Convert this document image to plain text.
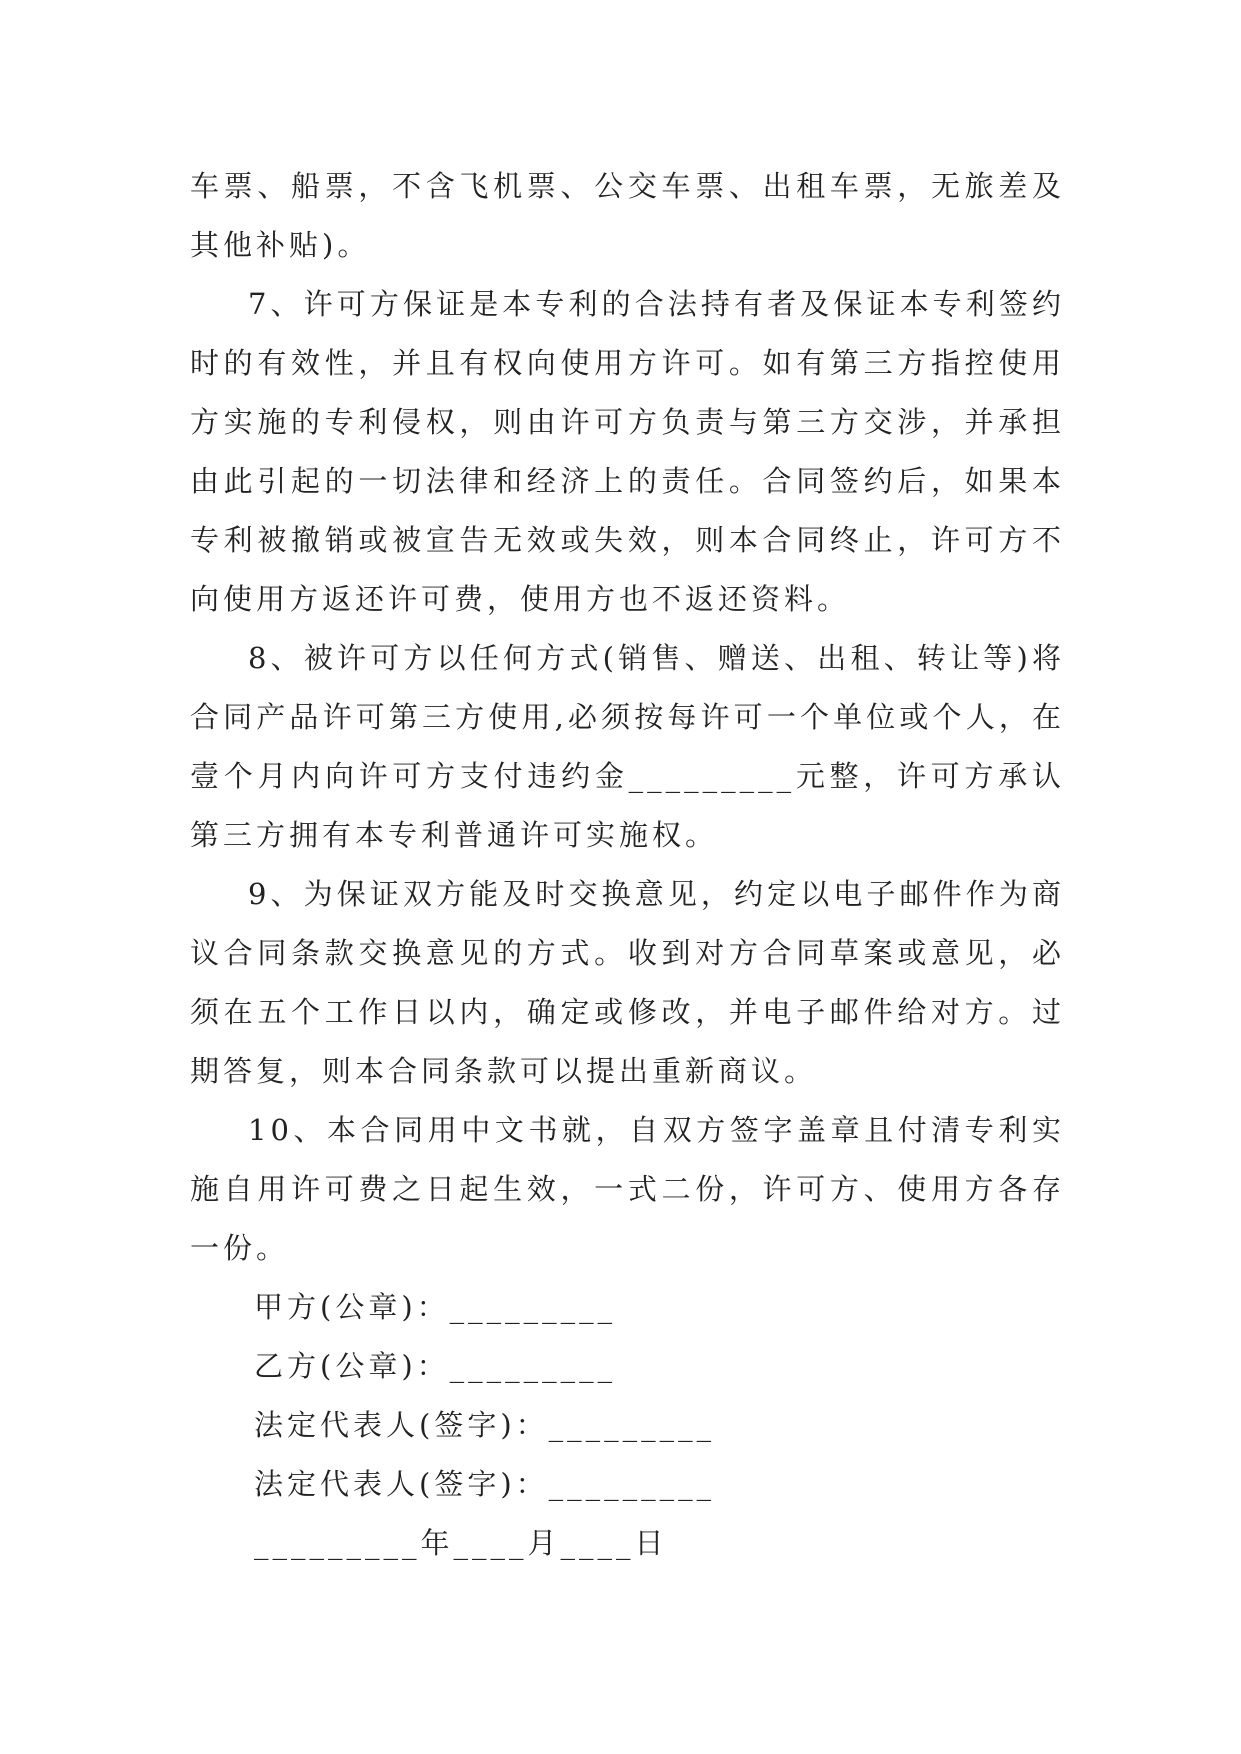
车票、船票，不含飞机票、公交车票、出租车票，无旅差及其他补贴)。

7、许可方保证是本专利的合法持有者及保证本专利签约时的有效性，并且有权向使用方许可。如有第三方指控使用方实施的专利侵权，则由许可方负责与第三方交涉，并承担由此引起的一切法律和经济上的责任。合同签约后，如果本专利被撤销或被宣告无效或失效，则本合同终止，许可方不向使用方返还许可费，使用方也不返还资料。

8、被许可方以任何方式(销售、赠送、出租、转让等)将合同产品许可第三方使用,必须按每许可一个单位或个人，在壹个月内向许可方支付违约金_________元整，许可方承认第三方拥有本专利普通许可实施权。

9、为保证双方能及时交换意见，约定以电子邮件作为商议合同条款交换意见的方式。收到对方合同草案或意见，必须在五个工作日以内，确定或修改，并电子邮件给对方。过期答复，则本合同条款可以提出重新商议。

10、本合同用中文书就，自双方签字盖章且付清专利实施自用许可费之日起生效，一式二份，许可方、使用方各存一份。

甲方(公章)：_________

乙方(公章)：_________

法定代表人(签字)：_________

法定代表人(签字)：_________

_________年____月____日
